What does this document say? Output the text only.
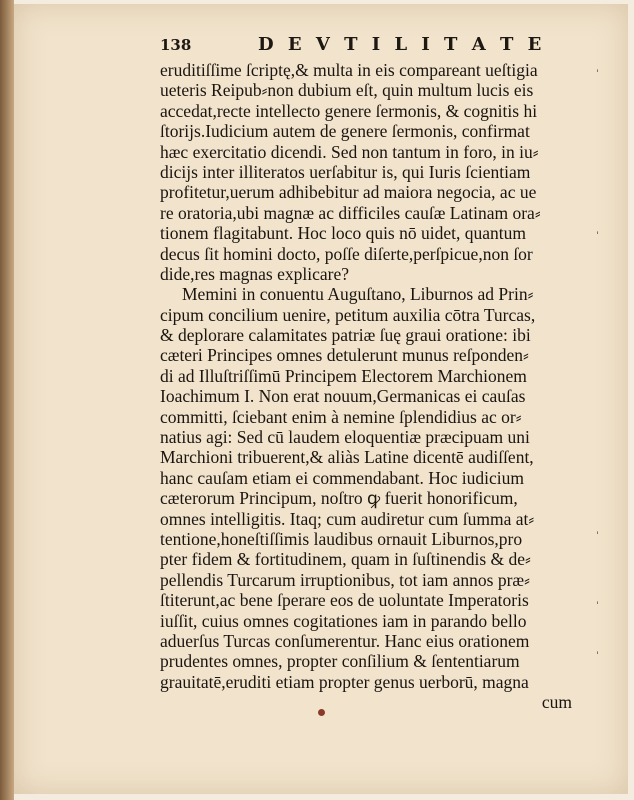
138	D E V T I L I T A T E
eruditiſſime ſcriptę,& multa in eis compareant ueſtigia
ueteris Reipub⸗non dubium eſt, quin multum lucis eis
accedat,recte intellecto genere ſermonis, & cognitis hi
ſtorijs.Iudicium autem de genere ſermonis, confirmat
hæc exercitatio dicendi. Sed non tantum in foro, in iu⸗
dicijs inter illiteratos uerſabitur is, qui Iuris ſcientiam
profitetur,uerum adhibebitur ad maiora negocia, ac ue
re oratoria,ubi magnæ ac difficiles cauſæ Latinam ora⸗
tionem flagitabunt. Hoc loco quis nō uidet, quantum
decus ſit homini docto, poſſe diſerte,perſpicue,non ſor
dide,res magnas explicare?
Memini in conuentu Auguſtano, Liburnos ad Prin⸗
cipum concilium uenire, petitum auxilia cōtra Turcas,
& deplorare calamitates patriæ ſuę graui oratione: ibi
cæteri Principes omnes detulerunt munus reſponden⸗
di ad Illuſtriſſimū Principem Electorem Marchionem
Ioachimum I. Non erat nouum,Germanicas ei cauſas
committi, ſciebant enim à nemine ſplendidius ac or⸗
natius agi: Sed cū laudem eloquentiæ præcipuam uni
Marchioni tribuerent,& aliàs Latine dicentē audiſſent,
hanc cauſam etiam ei commendabant. Hoc iudicium
cæterorum Principum, noſtro ꝙ fuerit honorificum,
omnes intelligitis. Itaq; cum audiretur cum ſumma at⸗
tentione,honeſtiſſimis laudibus ornauit Liburnos,pro
pter fidem & fortitudinem, quam in ſuſtinendis & de⸗
pellendis Turcarum irruptionibus, tot iam annos præ⸗
ſtiterunt,ac bene ſperare eos de uoluntate Imperatoris
iuſſit, cuius omnes cogitationes iam in parando bello
aduerſus Turcas conſumerentur. Hanc eius orationem
prudentes omnes, propter conſilium & ſententiarum
grauitatē,eruditi etiam propter genus uerborū, magna
cum
ˈ
ˈ
ˈ
ˈ
ˈ
